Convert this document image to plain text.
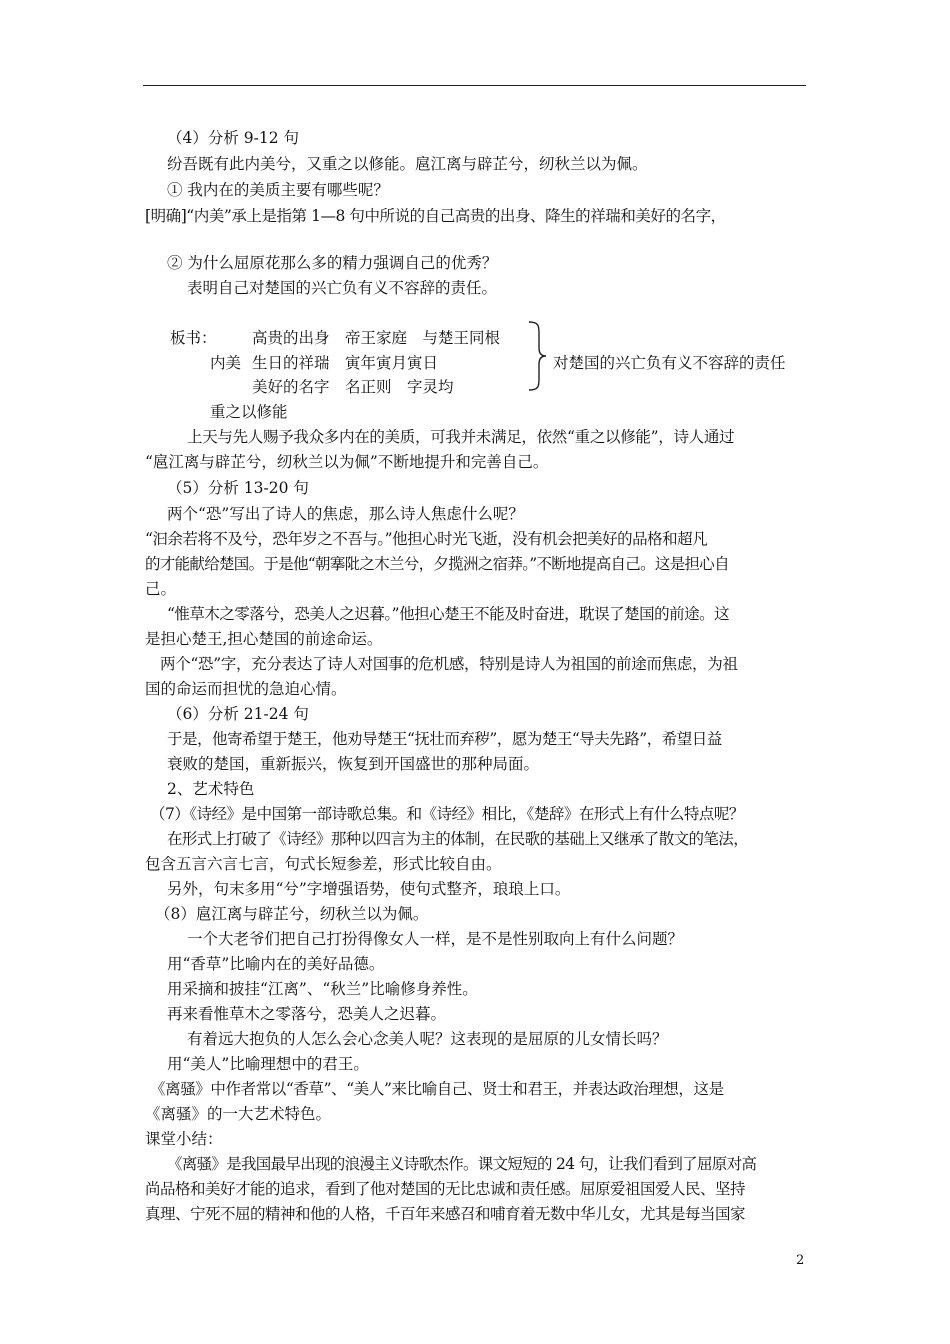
（4）分析 9-12 句
纷吾既有此内美兮，又重之以修能。扈江离与辟芷兮，纫秋兰以为佩。
① 我内在的美质主要有哪些呢？
[明确]“内美”承上是指第 1—8 句中所说的自己高贵的出身、降生的祥瑞和美好的名字，
② 为什么屈原花那么多的精力强调自己的优秀？
表明自己对楚国的兴亡负有义不容辞的责任。
板书： 高贵的出身　帝王家庭　与楚王同根
内美 生日的祥瑞　寅年寅月寅日
美好的名字　名正则　字灵均
对楚国的兴亡负有义不容辞的责任
重之以修能
上天与先人赐予我众多内在的美质，可我并未满足，依然“重之以修能”，诗人通过
“扈江离与辟芷兮，纫秋兰以为佩”不断地提升和完善自己。
（5）分析 13-20 句
两个“恐”写出了诗人的焦虑，那么诗人焦虑什么呢？
“汩余若将不及兮，恐年岁之不吾与。”他担心时光飞逝，没有机会把美好的品格和超凡
的才能献给楚国。于是他“朝搴阰之木兰兮，夕揽洲之宿莽。”不断地提高自己。这是担心自
己。
“惟草木之零落兮，恐美人之迟暮。”他担心楚王不能及时奋进，耽误了楚国的前途。这
是担心楚王,担心楚国的前途命运。
两个“恐”字，充分表达了诗人对国事的危机感，特别是诗人为祖国的前途而焦虑，为祖
国的命运而担忧的急迫心情。
（6）分析 21-24 句
于是，他寄希望于楚王，他劝导楚王“抚壮而弃秽”，愿为楚王“导夫先路”，希望日益
衰败的楚国，重新振兴，恢复到开国盛世的那种局面。
2、艺术特色
（7）《诗经》是中国第一部诗歌总集。和《诗经》相比，《楚辞》在形式上有什么特点呢？
在形式上打破了《诗经》那种以四言为主的体制，在民歌的基础上又继承了散文的笔法，
包含五言六言七言，句式长短参差，形式比较自由。
另外，句末多用“兮”字增强语势，使句式整齐，琅琅上口。
（8）扈江离与辟芷兮，纫秋兰以为佩。
一个大老爷们把自己打扮得像女人一样，是不是性别取向上有什么问题？
用“香草”比喻内在的美好品德。
用采摘和披挂“江离”、“秋兰”比喻修身养性。
再来看惟草木之零落兮，恐美人之迟暮。
有着远大抱负的人怎么会心念美人呢？这表现的是屈原的儿女情长吗？
用“美人”比喻理想中的君王。
《离骚》中作者常以“香草”、“美人”来比喻自己、贤士和君王，并表达政治理想，这是
《离骚》的一大艺术特色。
课堂小结：
《离骚》是我国最早出现的浪漫主义诗歌杰作。课文短短的 24 句，让我们看到了屈原对高
尚品格和美好才能的追求，看到了他对楚国的无比忠诚和责任感。屈原爱祖国爱人民、坚持
真理、宁死不屈的精神和他的人格，千百年来感召和哺育着无数中华儿女，尤其是每当国家
2
